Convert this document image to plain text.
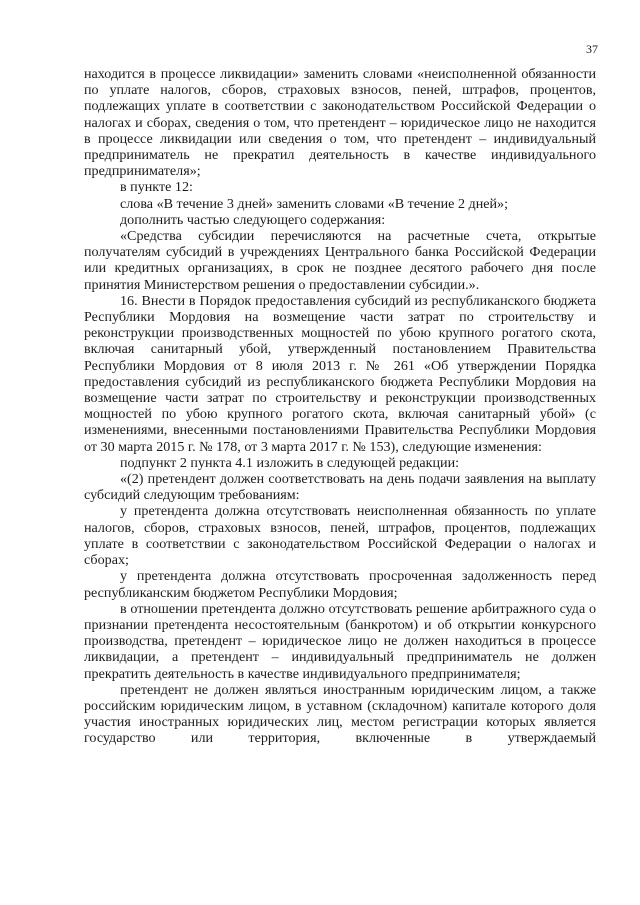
37

находится в процессе ликвидации» заменить словами «неисполненной обязанности по уплате налогов, сборов, страховых взносов, пеней, штрафов, процентов, подлежащих уплате в соответствии с законодательством Российской Федерации о налогах и сборах, сведения о том, что претендент – юридическое лицо не находится в процессе ликвидации или сведения о том, что претендент – индивидуальный предприниматель не прекратил деятельность в качестве индивидуального предпринимателя»;

в пункте 12:

слова «В течение 3 дней» заменить словами «В течение 2 дней»;

дополнить частью следующего содержания:

«Средства субсидии перечисляются на расчетные счета, открытые получателям субсидий в учреждениях Центрального банка Российской Федерации или кредитных организациях, в срок не позднее десятого рабочего дня после принятия Министерством решения о предоставлении субсидии.».

16. Внести в Порядок предоставления субсидий из республиканского бюджета Республики Мордовия на возмещение части затрат по строительству и реконструкции производственных мощностей по убою крупного рогатого скота, включая санитарный убой, утвержденный постановлением Правительства Республики Мордовия от 8 июля 2013 г. № 261 «Об утверждении Порядка предоставления субсидий из республиканского бюджета Республики Мордовия на возмещение части затрат по строительству и реконструкции производственных мощностей по убою крупного рогатого скота, включая санитарный убой» (с изменениями, внесенными постановлениями Правительства Республики Мордовия от 30 марта 2015 г. № 178, от 3 марта 2017 г. № 153), следующие изменения:

подпункт 2 пункта 4.1 изложить в следующей редакции:

«(2) претендент должен соответствовать на день подачи заявления на выплату субсидий следующим требованиям:

у претендента должна отсутствовать неисполненная обязанность по уплате налогов, сборов, страховых взносов, пеней, штрафов, процентов, подлежащих уплате в соответствии с законодательством Российской Федерации о налогах и сборах;

у претендента должна отсутствовать просроченная задолженность перед республиканским бюджетом Республики Мордовия;

в отношении претендента должно отсутствовать решение арбитражного суда о признании претендента несостоятельным (банкротом) и об открытии конкурсного производства, претендент – юридическое лицо не должен находиться в процессе ликвидации, а претендент – индивидуальный предприниматель не должен прекратить деятельность в качестве индивидуального предпринимателя;

претендент не должен являться иностранным юридическим лицом, а также российским юридическим лицом, в уставном (складочном) капитале которого доля участия иностранных юридических лиц, местом регистрации которых является государство или территория, включенные в утверждаемый
